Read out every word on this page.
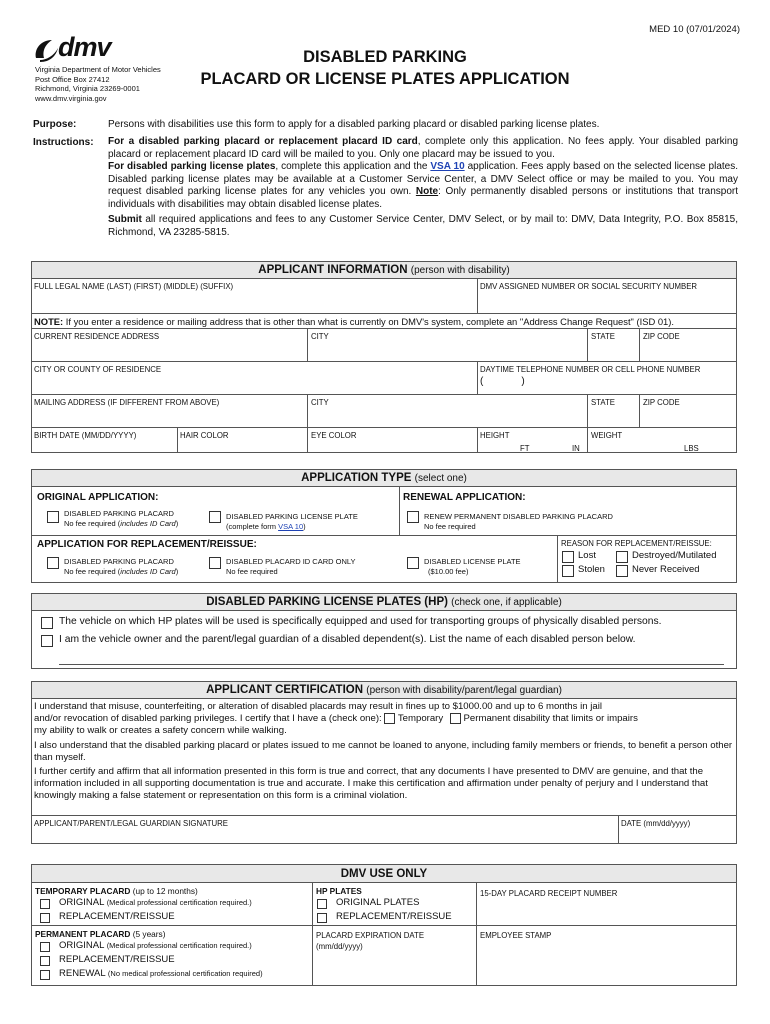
MED 10 (07/01/2024)
dmv
Virginia Department of Motor Vehicles
Post Office Box 27412
Richmond, Virginia 23269-0001
www.dmv.virginia.gov
DISABLED PARKING
PLACARD OR LICENSE PLATES APPLICATION
Purpose:	Persons with disabilities use this form to apply for a disabled parking placard or disabled parking license plates.
Instructions: For a disabled parking placard or replacement placard ID card, complete only this application. No fees apply. Your disabled parking placard or replacement placard ID card will be mailed to you. Only one placard may be issued to you.

For disabled parking license plates, complete this application and the VSA 10 application. Fees apply based on the selected license plates. Disabled parking license plates may be available at a Customer Service Center, a DMV Select office or may be mailed to you. You may request disabled parking license plates for any vehicles you own. Note: Only permanently disabled persons or institutions that transport individuals with disabilities may obtain disabled license plates.

Submit all required applications and fees to any Customer Service Center, DMV Select, or by mail to: DMV, Data Integrity, P.O. Box 85815, Richmond, VA 23285-5815.

APPLICANT INFORMATION (person with disability)
FULL LEGAL NAME (LAST) (FIRST) (MIDDLE) (SUFFIX)	DMV ASSIGNED NUMBER OR SOCIAL SECURITY NUMBER
NOTE: If you enter a residence or mailing address that is other than what is currently on DMV's system, complete an "Address Change Request" (ISD 01).
CURRENT RESIDENCE ADDRESS	CITY	STATE	ZIP CODE
CITY OR COUNTY OF RESIDENCE	DAYTIME TELEPHONE NUMBER OR CELL PHONE NUMBER
(	)
MAILING ADDRESS (IF DIFFERENT FROM ABOVE)	CITY	STATE	ZIP CODE
BIRTH DATE (MM/DD/YYYY)	HAIR COLOR	EYE COLOR	HEIGHT
FT	IN
WEIGHT
LBS
APPLICATION TYPE (select one)
ORIGINAL APPLICATION:	RENEWAL APPLICATION:
DISABLED PARKING PLACARD
No fee required (includes ID Card)
DISABLED PARKING LICENSE PLATE
(complete form VSA 10)
RENEW PERMANENT DISABLED PARKING PLACARD
No fee required
APPLICATION FOR REPLACEMENT/REISSUE:	REASON FOR REPLACEMENT/REISSUE:
DISABLED PARKING PLACARD
No fee required (includes ID Card)
DISABLED PLACARD ID CARD ONLY
No fee required
DISABLED LICENSE PLATE
($10.00 fee)
Lost	Destroyed/Mutilated
Stolen	Never Received
DISABLED PARKING LICENSE PLATES (HP) (check one, if applicable)
The vehicle on which HP plates will be used is specifically equipped and used for transporting groups of physically disabled persons.
I am the vehicle owner and the parent/legal guardian of a disabled dependent(s). List the name of each disabled person below.
APPLICANT CERTIFICATION (person with disability/parent/legal guardian)
I understand that misuse, counterfeiting, or alteration of disabled placards may result in fines up to $1000.00 and up to 6 months in jail
and/or revocation of disabled parking privileges. I certify that I have a (check one):  Temporary Permanent disability that limits or impairs
my ability to walk or creates a safety concern while walking.
I also understand that the disabled parking placard or plates issued to me cannot be loaned to anyone, including family members or friends, to benefit a person other than myself.
I further certify and affirm that all information presented in this form is true and correct, that any documents I have presented to DMV are genuine, and that the information included in all supporting documentation is true and accurate. I make this certification and affirmation under penalty of perjury and I understand that knowingly making a false statement or representation on this form is a criminal violation.
APPLICANT/PARENT/LEGAL GUARDIAN SIGNATURE	DATE (mm/dd/yyyy)
DMV USE ONLY
TEMPORARY PLACARD (up to 12 months)
ORIGINAL (Medical professional certification required.)
REPLACEMENT/REISSUE
HP PLATES
ORIGINAL PLATES
REPLACEMENT/REISSUE
15-DAY PLACARD RECEIPT NUMBER
PERMANENT PLACARD (5 years)
ORIGINAL (Medical professional certification required.)
REPLACEMENT/REISSUE
RENEWAL (No medical professional certification required)
PLACARD EXPIRATION DATE
(mm/dd/yyyy)
EMPLOYEE STAMP
